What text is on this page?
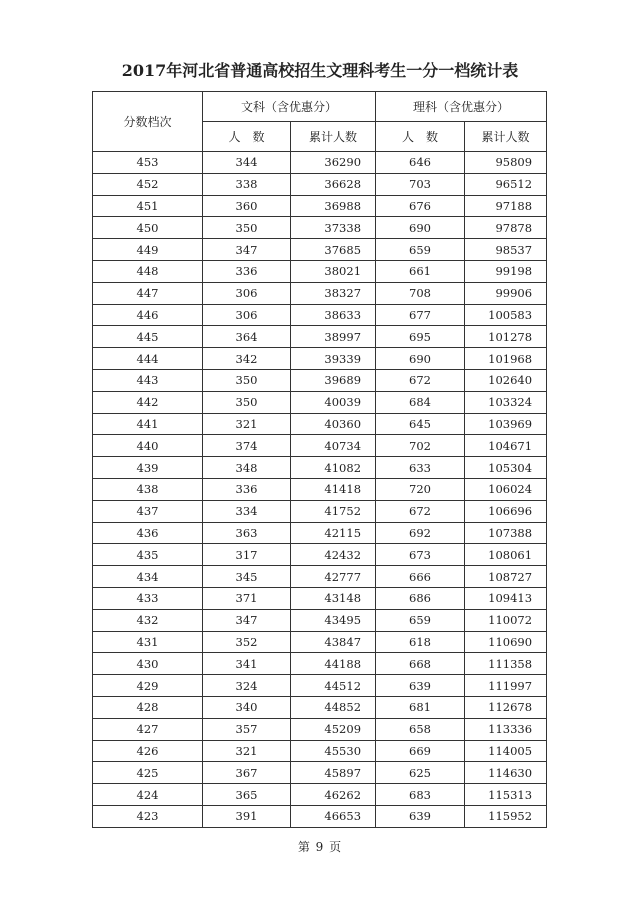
2017年河北省普通高校招生文理科考生一分一档统计表
分数档次	文科（含优惠分）		理科（含优惠分）	
	人　数	累计人数	人　数	累计人数
453	344	36290	646	95809
452	338	36628	703	96512
451	360	36988	676	97188
450	350	37338	690	97878
449	347	37685	659	98537
448	336	38021	661	99198
447	306	38327	708	99906
446	306	38633	677	100583
445	364	38997	695	101278
444	342	39339	690	101968
443	350	39689	672	102640
442	350	40039	684	103324
441	321	40360	645	103969
440	374	40734	702	104671
439	348	41082	633	105304
438	336	41418	720	106024
437	334	41752	672	106696
436	363	42115	692	107388
435	317	42432	673	108061
434	345	42777	666	108727
433	371	43148	686	109413
432	347	43495	659	110072
431	352	43847	618	110690
430	341	44188	668	111358
429	324	44512	639	111997
428	340	44852	681	112678
427	357	45209	658	113336
426	321	45530	669	114005
425	367	45897	625	114630
424	365	46262	683	115313
423	391	46653	639	115952
第 9 页
